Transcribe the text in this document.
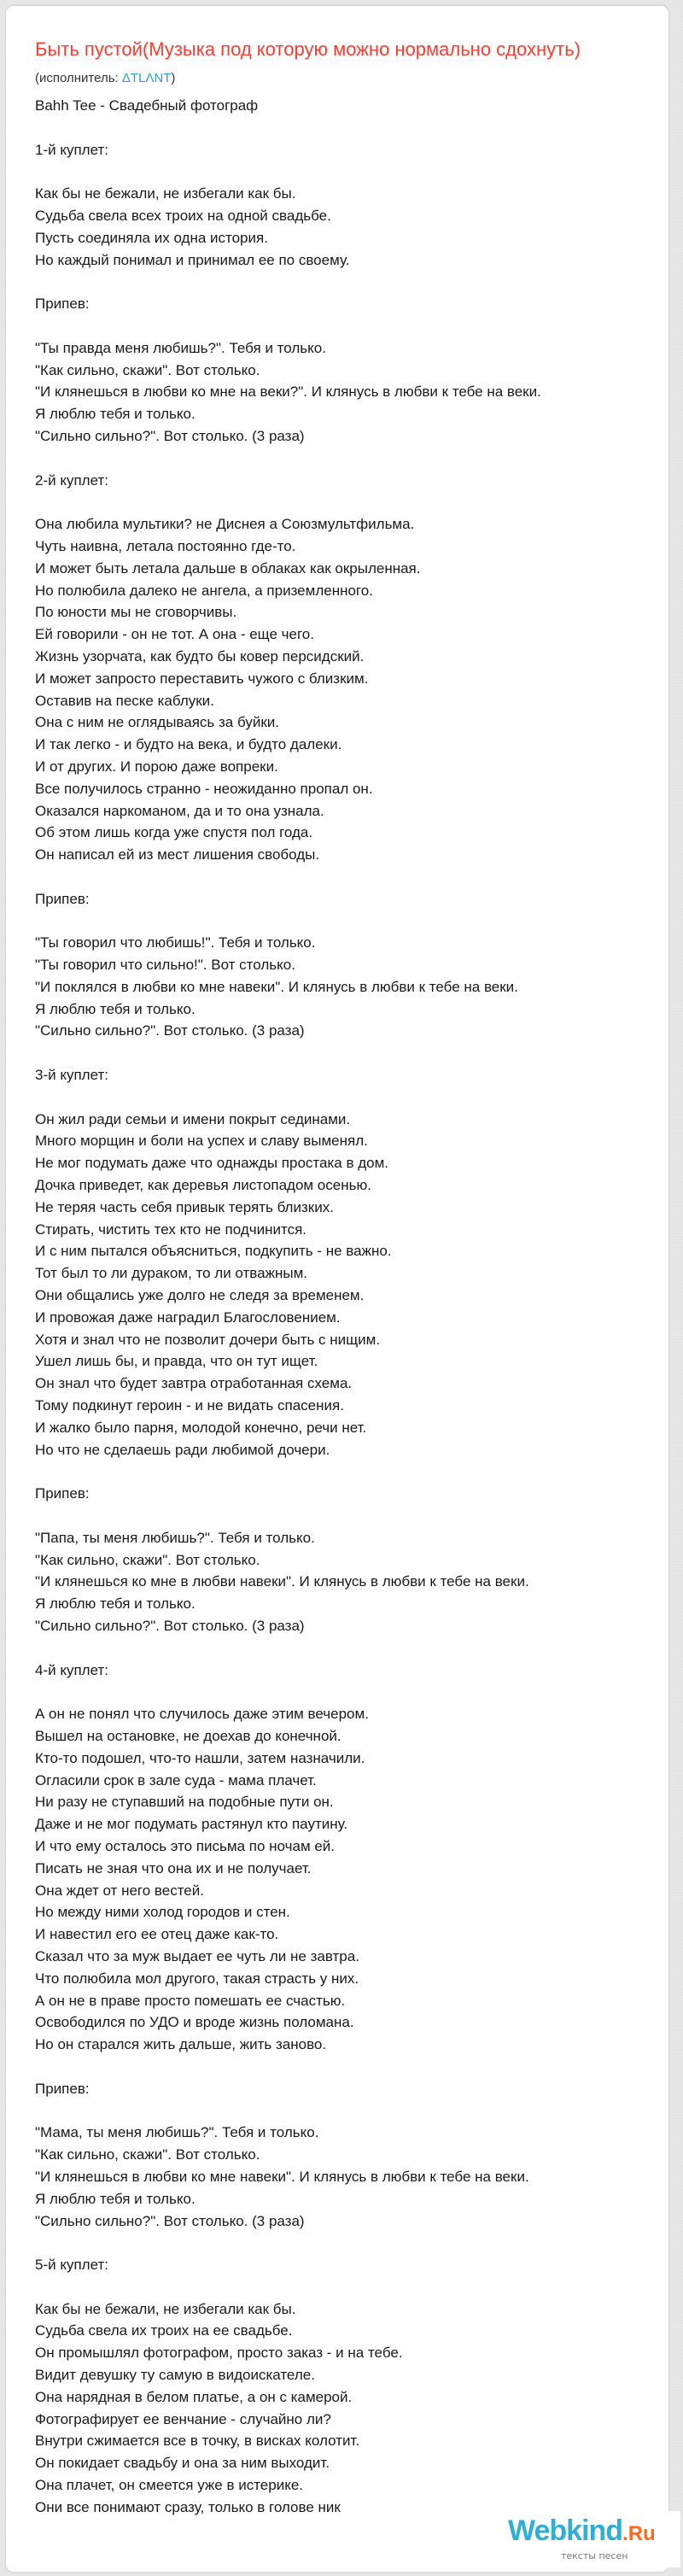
Быть пустой(Музыка под которую можно нормально сдохнуть)

(исполнитель: ΔTLΛNT)

Bahh Tee - Свадебный фотограф
1-й куплет:
Как бы не бежали, не избегали как бы.
Судьба свела всех троих на одной свадьбе.
Пусть соединяла их одна история.
Но каждый понимал и принимал ее по своему.
Припев:
"Ты правда меня любишь?". Тебя и только.
"Как сильно, скажи". Вот столько.
"И клянешься в любви ко мне на веки?". И клянусь в любви к тебе на веки.
Я люблю тебя и только.
"Сильно сильно?". Вот столько. (3 раза)
2-й куплет:
Она любила мультики? не Диснея а Союзмультфильма.
Чуть наивна, летала постоянно где-то.
И может быть летала дальше в облаках как окрыленная.
Но полюбила далеко не ангела, а приземленного.
По юности мы не сговорчивы.
Ей говорили - он не тот. А она - еще чего.
Жизнь узорчата, как будто бы ковер персидский.
И может запросто переставить чужого с близким.
Оставив на песке каблуки.
Она с ним не оглядываясь за буйки.
И так легко - и будто на века, и будто далеки.
И от других. И порою даже вопреки.
Все получилось странно - неожиданно пропал он.
Оказался наркоманом, да и то она узнала.
Об этом лишь когда уже спустя пол года.
Он написал ей из мест лишения свободы.
Припев:
"Ты говорил что любишь!". Тебя и только.
"Ты говорил что сильно!". Вот столько.
"И поклялся в любви ко мне навеки". И клянусь в любви к тебе на веки.
Я люблю тебя и только.
"Сильно сильно?". Вот столько. (3 раза)
3-й куплет:
Он жил ради семьи и имени покрыт сединами.
Много морщин и боли на успех и славу выменял.
Не мог подумать даже что однажды простака в дом.
Дочка приведет, как деревья листопадом осенью.
Не теряя часть себя привык терять близких.
Стирать, чистить тех кто не подчинится.
И с ним пытался объясниться, подкупить - не важно.
Тот был то ли дураком, то ли отважным.
Они общались уже долго не следя за временем.
И провожая даже наградил Благословением.
Хотя и знал что не позволит дочери быть с нищим.
Ушел лишь бы, и правда, что он тут ищет.
Он знал что будет завтра отработанная схема.
Тому подкинут героин - и не видать спасения.
И жалко было парня, молодой конечно, речи нет.
Но что не сделаешь ради любимой дочери.
Припев:
"Папа, ты меня любишь?". Тебя и только.
"Как сильно, скажи". Вот столько.
"И клянешься ко мне в любви навеки". И клянусь в любви к тебе на веки.
Я люблю тебя и только.
"Сильно сильно?". Вот столько. (3 раза)
4-й куплет:
А он не понял что случилось даже этим вечером.
Вышел на остановке, не доехав до конечной.
Кто-то подошел, что-то нашли, затем назначили.
Огласили срок в зале суда - мама плачет.
Ни разу не ступавший на подобные пути он.
Даже и не мог подумать растянул кто паутину.
И что ему осталось это письма по ночам ей.
Писать не зная что она их и не получает.
Она ждет от него вестей.
Но между ними холод городов и стен.
И навестил его ее отец даже как-то.
Сказал что за муж выдает ее чуть ли не завтра.
Что полюбила мол другого, такая страсть у них.
А он не в праве просто помешать ее счастью.
Освободился по УДО и вроде жизнь поломана.
Но он старался жить дальше, жить заново.
Припев:
"Мама, ты меня любишь?". Тебя и только.
"Как сильно, скажи". Вот столько.
"И клянешься в любви ко мне навеки". И клянусь в любви к тебе на веки.
Я люблю тебя и только.
"Сильно сильно?". Вот столько. (3 раза)
5-й куплет:
Как бы не бежали, не избегали как бы.
Судьба свела их троих на ее свадьбе.
Он промышлял фотографом, просто заказ - и на тебе.
Видит девушку ту самую в видоискателе.
Она нарядная в белом платье, а он с камерой.
Фотографирует ее венчание - случайно ли?
Внутри сжимается все в точку, в висках колотит.
Он покидает свадьбу и она за ним выходит.
Она плачет, он смеется уже в истерике.
Они все понимают сразу, только в голове ник
Webkind.Ru
тексты песен
